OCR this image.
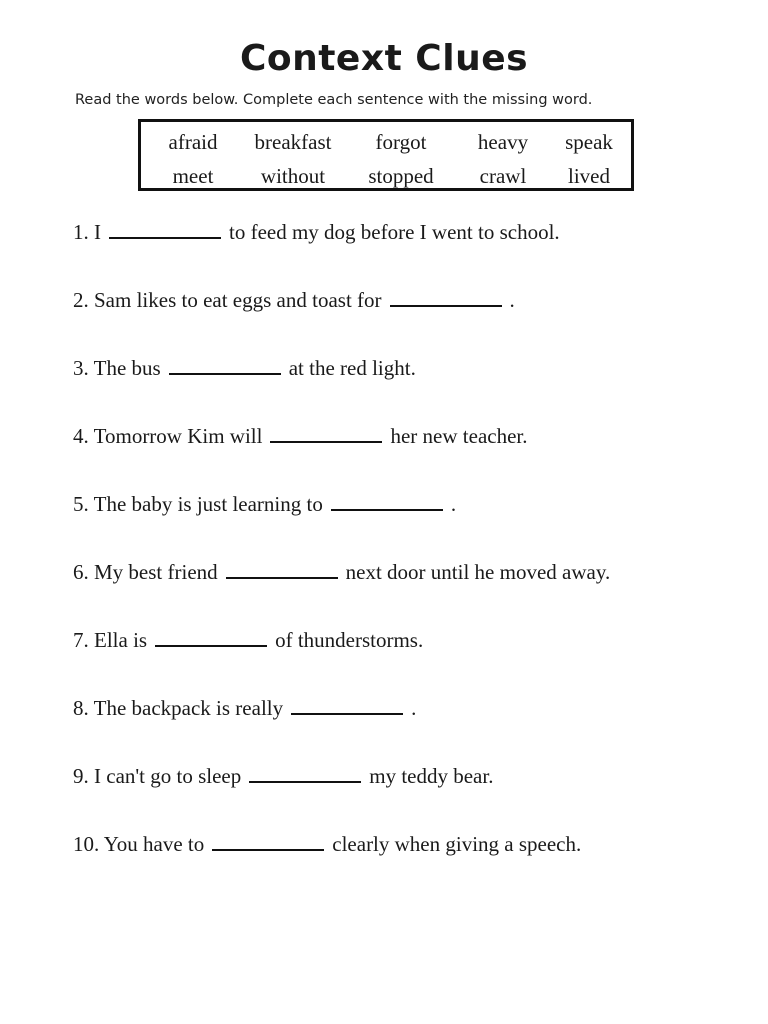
Context Clues
Read the words below. Complete each sentence with the missing word.
afraid	breakfast	forgot	heavy	speak
meet	without	stopped	crawl	lived
1. I	to feed my dog before I went to school.
2. Sam likes to eat eggs and toast for	.
3. The bus	at the red light.
4. Tomorrow Kim will	her new teacher.
5. The baby is just learning to	.
6. My best friend	next door until he moved away.
7. Ella is	of thunderstorms.
8. The backpack is really	.
9. I can't go to sleep	my teddy bear.
10. You have to	clearly when giving a speech.
